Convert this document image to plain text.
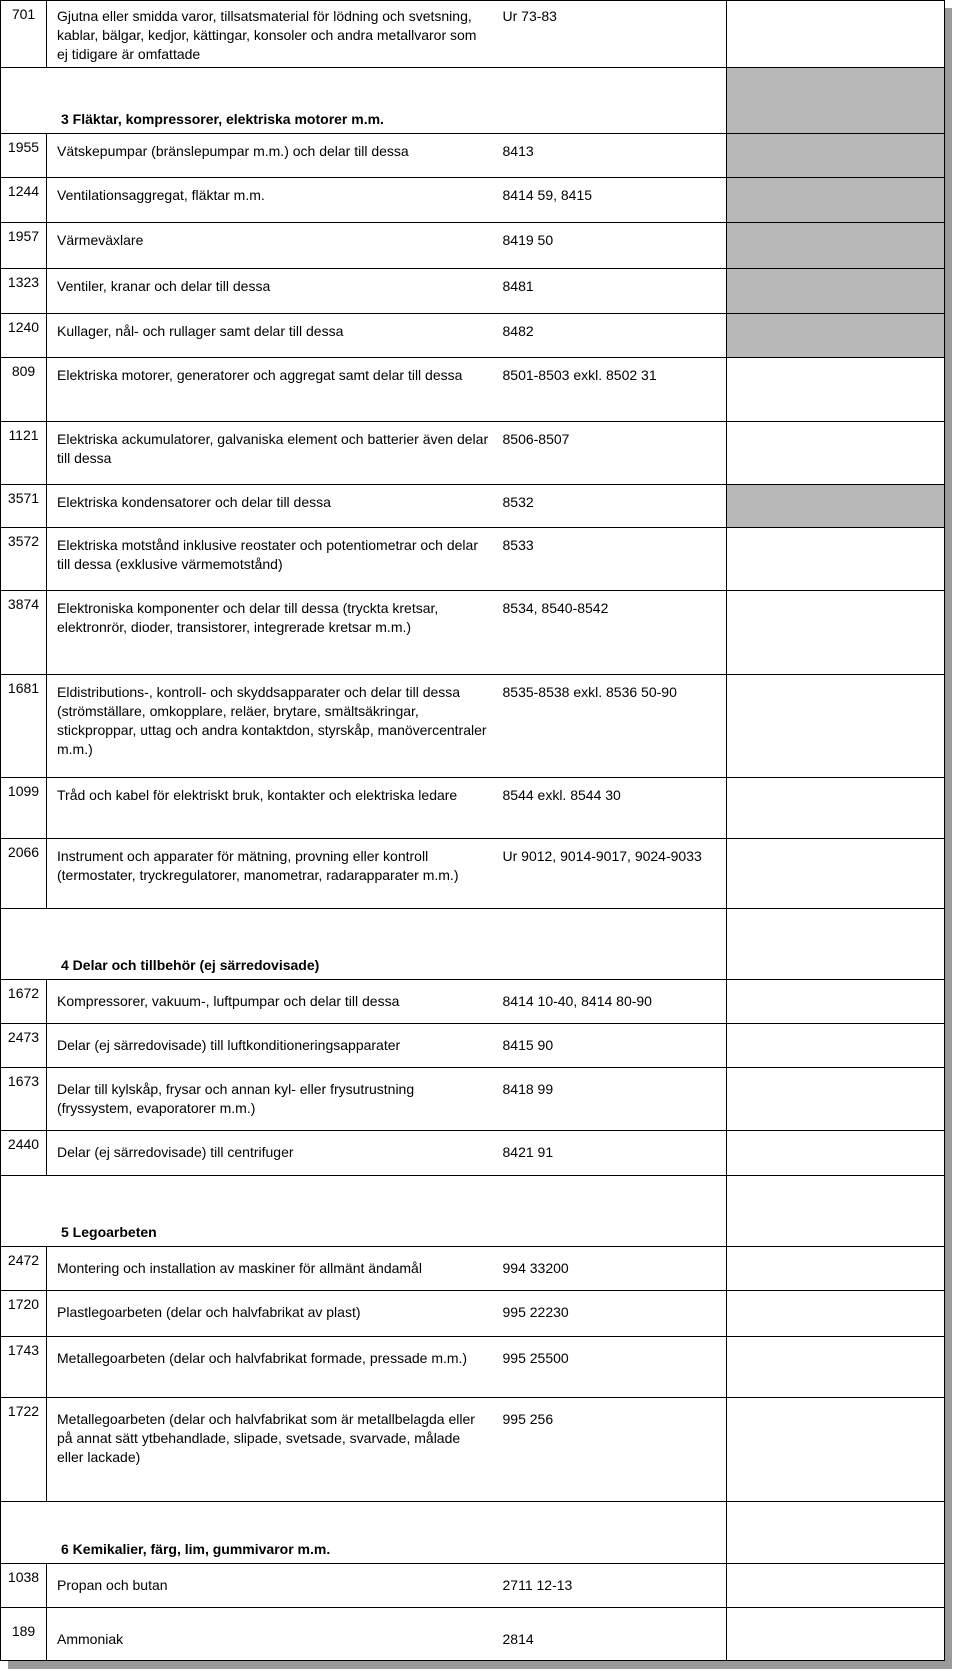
701	Gjutna eller smidda varor, tillsatsmaterial för lödning och svetsning, kablar, bälgar, kedjor, kättingar, konsoler och andra metallvaror som ej tidigare är omfattade	Ur 73-83	

3 Fläktar, kompressorer, elektriska motorer m.m.			

1955	Vätskepumpar (bränslepumpar m.m.) och delar till dessa	8413	

1244	Ventilationsaggregat, fläktar m.m.	8414 59, 8415	

1957	Värmeväxlare	8419 50	

1323	Ventiler, kranar och delar till dessa	8481	

1240	Kullager, nål- och rullager samt delar till dessa	8482	

809	Elektriska motorer, generatorer och aggregat samt delar till dessa	8501-8503 exkl. 8502 31	

1121	Elektriska ackumulatorer, galvaniska element och batterier även delar till dessa	8506-8507	

3571	Elektriska kondensatorer och delar till dessa	8532	

3572	Elektriska motstånd inklusive reostater och potentiometrar och delar till dessa (exklusive värmemotstånd)	8533	

3874	Elektroniska komponenter och delar till dessa (tryckta kretsar, elektronrör, dioder, transistorer, integrerade kretsar m.m.)	8534, 8540-8542	

1681	Eldistributions-, kontroll- och skyddsapparater och delar till dessa (strömställare, omkopplare, reläer, brytare, smältsäkringar, stickproppar, uttag och andra kontaktdon, styrskåp, manövercentraler m.m.)	8535-8538 exkl. 8536 50-90	

1099	Tråd och kabel för elektriskt bruk, kontakter och elektriska ledare	8544 exkl. 8544 30	

2066	Instrument och apparater för mätning, provning eller kontroll (termostater, tryckregulatorer, manometrar, radarapparater m.m.)	Ur 9012, 9014-9017, 9024-9033	

4 Delar och tillbehör (ej särredovisade)			

1672	Kompressorer, vakuum-, luftpumpar och delar till dessa	8414 10-40, 8414 80-90	

2473	Delar (ej särredovisade) till luftkonditioneringsapparater	8415 90	

1673	Delar till kylskåp, frysar och annan kyl- eller frysutrustning (fryssystem, evaporatorer m.m.)	8418 99	

2440	Delar (ej särredovisade) till centrifuger	8421 91	

5 Legoarbeten			

2472	Montering och installation av maskiner för allmänt ändamål	994 33200	

1720	Plastlegoarbeten (delar och halvfabrikat av plast)	995 22230	

1743	Metallegoarbeten (delar och halvfabrikat formade, pressade m.m.)	995 25500	

1722	Metallegoarbeten (delar och halvfabrikat som är metallbelagda eller på annat sätt ytbehandlade, slipade, svetsade, svarvade, målade eller lackade)	995 256	

6 Kemikalier, färg, lim, gummivaror m.m.			

1038	Propan och butan	2711 12-13	

189	Ammoniak	2814	
